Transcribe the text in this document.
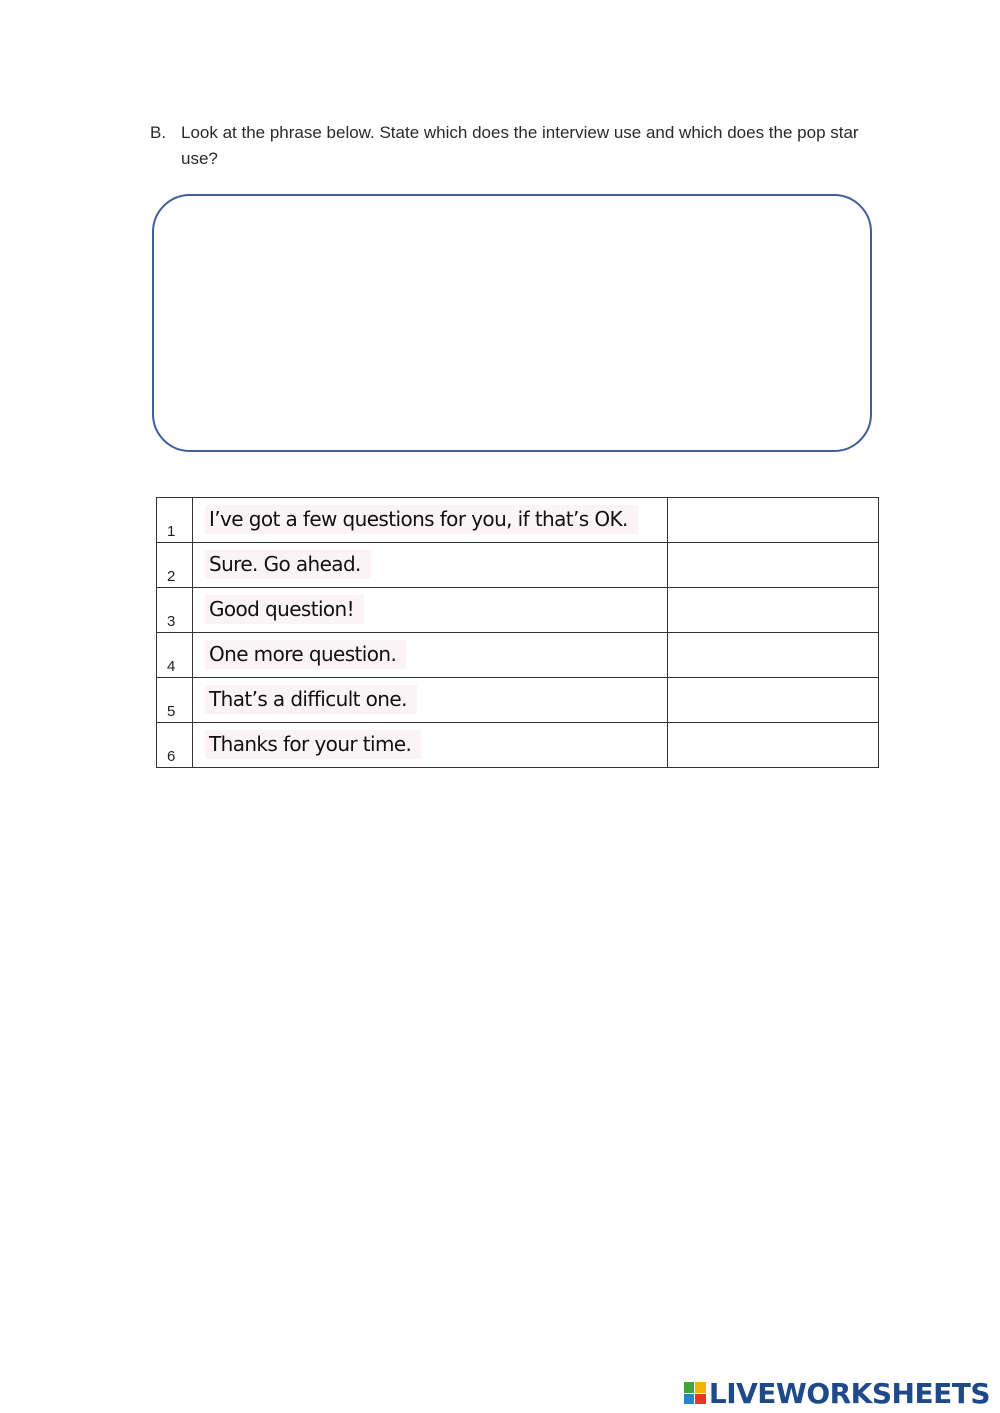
B. Look at the phrase below. State which does the interview use and which does the pop star use?
1	I’ve got a few questions for you, if that’s OK.	

2	Sure. Go ahead.	

3	Good question!	

4	One more question.	

5	That’s a difficult one.	

6	Thanks for your time.	

LIVEWORKSHEETS
